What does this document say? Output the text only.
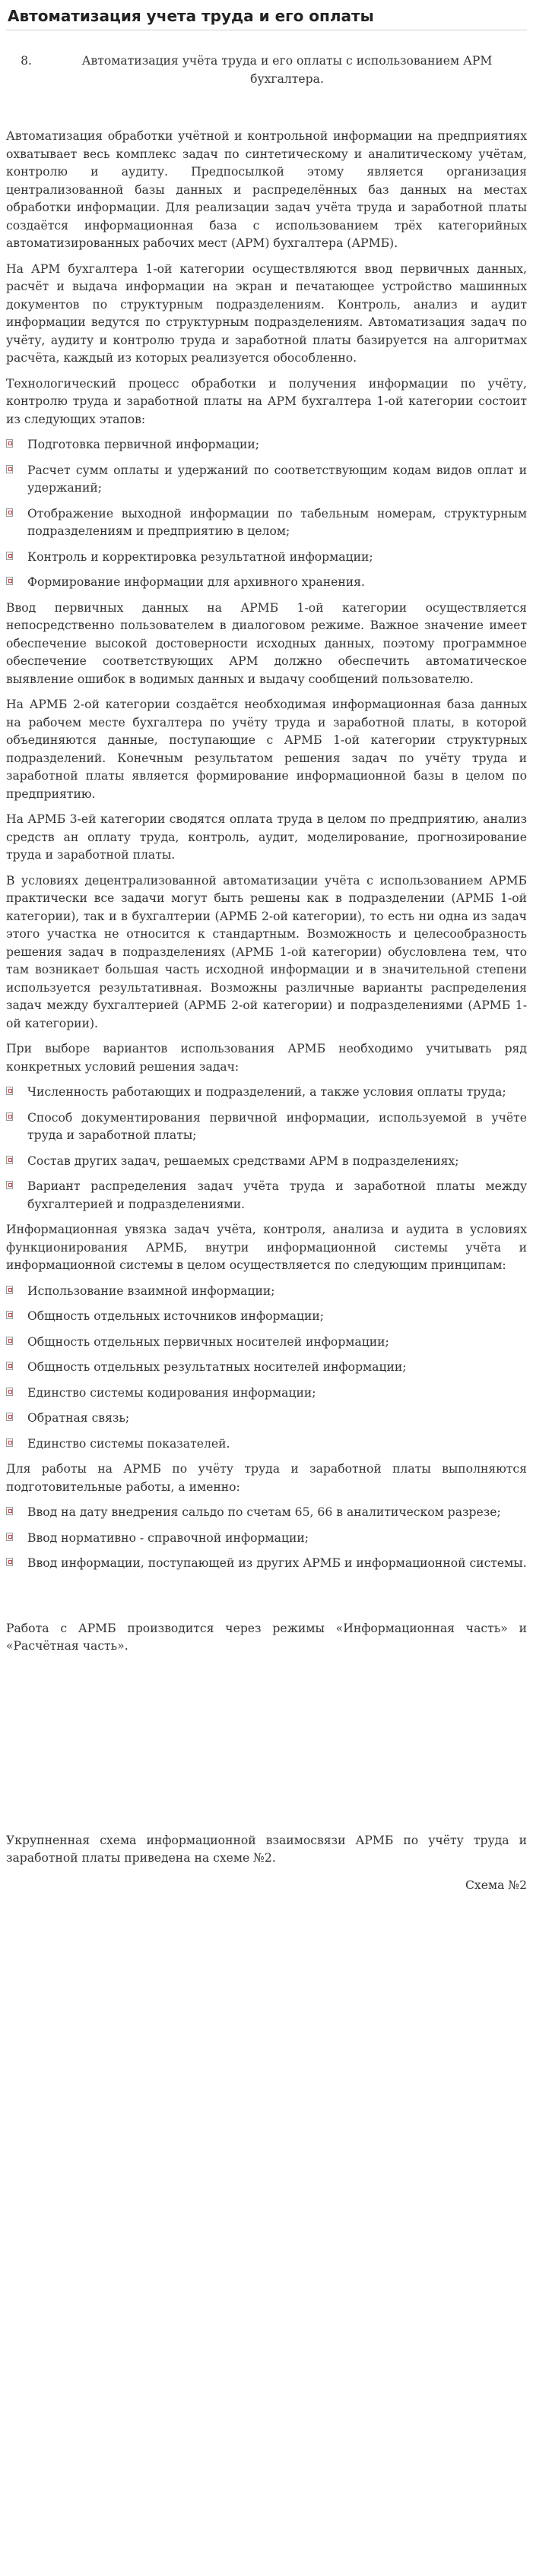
Автоматизация учета труда и его оплаты
8.	Автоматизация учёта труда и его оплаты с использованием АРМ бухгалтера.

Автоматизация обработки учётной и контрольной информации на предприятиях охватывает весь комплекс задач по синтетическому и аналитическому учётам, контролю и аудиту. Предпосылкой этому является организация централизованной базы данных и распределённых баз данных на местах обработки информации. Для реализации задач учёта труда и заработной платы создаётся информационная база с использованием трёх категорийных автоматизированных рабочих мест (АРМ) бухгалтера (АРМБ).

На АРМ бухгалтера 1-ой категории осуществляются ввод первичных данных, расчёт и выдача информации на экран и печатающее устройство машинных документов по структурным подразделениям. Контроль, анализ и аудит информации ведутся по структурным подразделениям. Автоматизация задач по учёту, аудиту и контролю труда и заработной платы базируется на алгоритмах расчёта, каждый из которых реализуется обособленно.

Технологический процесс обработки и получения информации по учёту, контролю труда и заработной платы на АРМ бухгалтера 1-ой категории состоит из следующих этапов:

Подготовка первичной информации;
Расчет сумм оплаты и удержаний по соответствующим кодам видов оплат и удержаний;
Отображение выходной информации по табельным номерам, структурным подразделениям и предприятию в целом;
Контроль и корректировка результатной информации;
Формирование информации для архивного хранения.

Ввод первичных данных на АРМБ 1-ой категории осуществляется непосредственно пользователем в диалоговом режиме. Важное значение имеет обеспечение высокой достоверности исходных данных, поэтому программное обеспечение соответствующих АРМ должно обеспечить автоматическое выявление ошибок в водимых данных и выдачу сообщений пользователю.

На АРМБ 2-ой категории создаётся необходимая информационная база данных на рабочем месте бухгалтера по учёту труда и заработной платы, в которой объединяются данные, поступающие с АРМБ 1-ой категории структурных подразделений. Конечным результатом решения задач по учёту труда и заработной платы является формирование информационной базы в целом по предприятию.

На АРМБ 3-ей категории сводятся оплата труда в целом по предприятию, анализ средств ан оплату труда, контроль, аудит, моделирование, прогнозирование труда и заработной платы.

В условиях децентрализованной автоматизации учёта с использованием АРМБ практически все задачи могут быть решены как в подразделении (АРМБ 1-ой категории), так и в бухгалтерии (АРМБ 2-ой категории), то есть ни одна из задач этого участка не относится к стандартным. Возможность и целесообразность решения задач в подразделениях (АРМБ 1-ой категории) обусловлена тем, что там возникает большая часть исходной информации и в значительной степени используется результативная. Возможны различные варианты распределения задач между бухгалтерией (АРМБ 2-ой категории) и подразделениями (АРМБ 1-ой категории).

При выборе вариантов использования АРМБ необходимо учитывать ряд конкретных условий решения задач:

Численность работающих и подразделений, а также условия оплаты труда;
Способ документирования первичной информации, используемой в учёте труда и заработной платы;
Состав других задач, решаемых средствами АРМ в подразделениях;
Вариант распределения задач учёта труда и заработной платы между бухгалтерией и подразделениями.

Информационная увязка задач учёта, контроля, анализа и аудита в условиях функционирования АРМБ, внутри информационной системы учёта и информационной системы в целом осуществляется по следующим принципам:

Использование взаимной информации;
Общность отдельных источников информации;
Общность отдельных первичных носителей информации;
Общность отдельных результатных носителей информации;
Единство системы кодирования информации;
Обратная связь;
Единство системы показателей.

Для работы на АРМБ по учёту труда и заработной платы выполняются подготовительные работы, а именно:

Ввод на дату внедрения сальдо по счетам 65, 66 в аналитическом разрезе;
Ввод нормативно - справочной информации;
Ввод информации, поступающей из других АРМБ и информационной системы.

Работа с АРМБ производится через режимы «Информационная часть» и «Расчётная часть».

Укрупненная схема информационной взаимосвязи АРМБ по учёту труда и заработной платы приведена на схеме №2.

Схема №2
